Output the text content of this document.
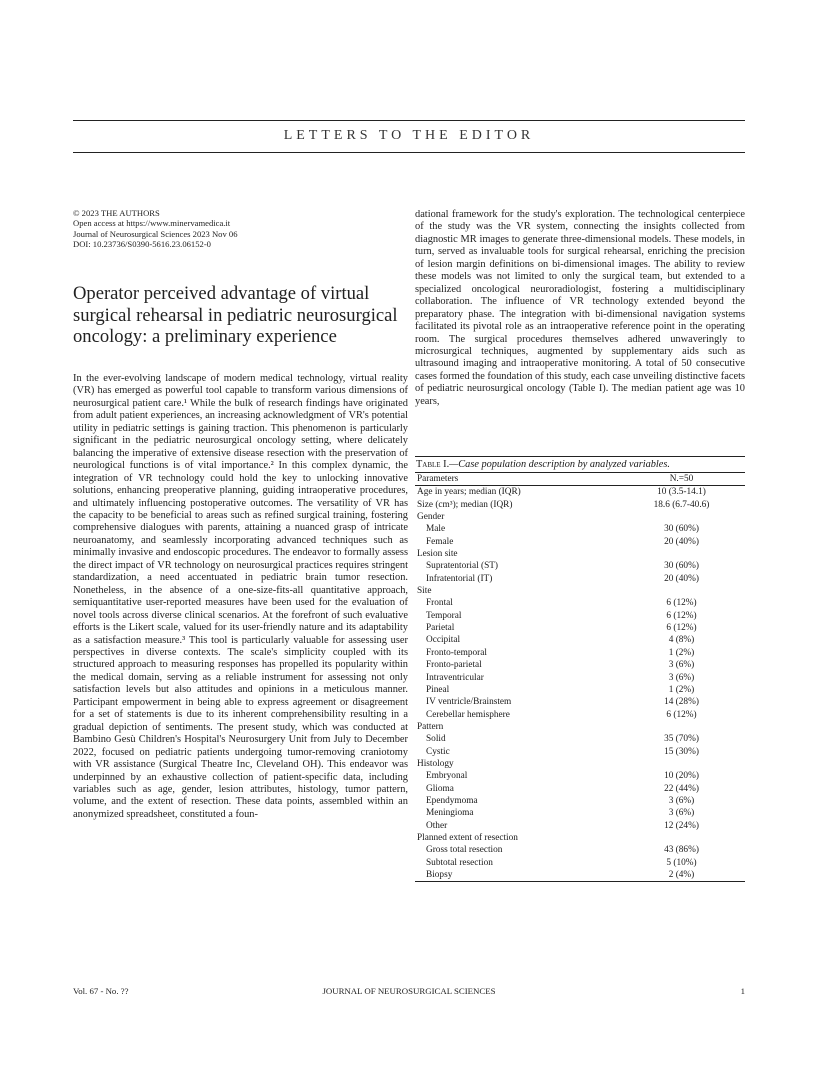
LETTERS TO THE EDITOR
© 2023 THE AUTHORS
Open access at https://www.minervamedica.it
Journal of Neurosurgical Sciences 2023 Nov 06
DOI: 10.23736/S0390-5616.23.06152-0
Operator perceived advantage of virtual surgical rehearsal in pediatric neurosurgical oncology: a preliminary experience

In the ever-evolving landscape of modern medical technology, virtual reality (VR) has emerged as powerful tool capable to transform various dimensions of neurosurgical patient care.¹ While the bulk of research findings have originated from adult patient experiences, an increasing acknowledgment of VR's potential utility in pediatric settings is gaining traction. This phenomenon is particularly significant in the pediatric neurosurgical oncology setting, where delicately balancing the imperative of extensive disease resection with the preservation of neurological functions is of vital importance.² In this complex dynamic, the integration of VR technology could hold the key to unlocking innovative solutions, enhancing preoperative planning, guiding intraoperative procedures, and ultimately influencing postoperative outcomes. The versatility of VR has the capacity to be beneficial to areas such as refined surgical training, fostering comprehensive dialogues with parents, attaining a nuanced grasp of intricate neuroanatomy, and seamlessly incorporating advanced techniques such as minimally invasive and endoscopic procedures. The endeavor to formally assess the direct impact of VR technology on neurosurgical practices requires stringent standardization, a need accentuated in pediatric brain tumor resection. Nonetheless, in the absence of a one-size-fits-all quantitative approach, semiquantitative user-reported measures have been used for the evaluation of novel tools across diverse clinical scenarios. At the forefront of such evaluative efforts is the Likert scale, valued for its user-friendly nature and its adaptability as a satisfaction measure.³ This tool is particularly valuable for assessing user perspectives in diverse contexts. The scale's simplicity coupled with its structured approach to measuring responses has propelled its popularity within the medical domain, serving as a reliable instrument for assessing not only satisfaction levels but also attitudes and opinions in a meticulous manner. Participant empowerment in being able to express agreement or disagreement for a set of statements is due to its inherent comprehensibility resulting in a gradual depiction of sentiments. The present study, which was conducted at Bambino Gesù Children's Hospital's Neurosurgery Unit from July to December 2022, focused on pediatric patients undergoing tumor-removing craniotomy with VR assistance (Surgical Theatre Inc, Cleveland OH). This endeavor was underpinned by an exhaustive collection of patient-specific data, including variables such as age, gender, lesion attributes, histology, tumor pattern, volume, and the extent of resection. These data points, assembled within an anonymized spreadsheet, constituted a foun-

dational framework for the study's exploration. The technological centerpiece of the study was the VR system, connecting the insights collected from diagnostic MR images to generate three-dimensional models. These models, in turn, served as invaluable tools for surgical rehearsal, enriching the precision of lesion margin definitions on bi-dimensional images. The ability to review these models was not limited to only the surgical team, but extended to a specialized oncological neuroradiologist, fostering a multidisciplinary collaboration. The influence of VR technology extended beyond the preparatory phase. The integration with bi-dimensional navigation systems facilitated its pivotal role as an intraoperative reference point in the operating room. The surgical procedures themselves adhered unwaveringly to microsurgical techniques, augmented by supplementary aids such as ultrasound imaging and intraoperative monitoring. A total of 50 consecutive cases formed the foundation of this study, each case unveiling distinctive facets of pediatric neurosurgical oncology (Table I). The median patient age was 10 years,

Table I.—Case population description by analyzed variables.
Parameters	N.=50
Age in years; median (IQR)	10 (3.5-14.1)
Size (cm³); median (IQR)	18.6 (6.7-40.6)
Gender	
Male	30 (60%)
Female	20 (40%)
Lesion site	
Supratentorial (ST)	30 (60%)
Infratentorial (IT)	20 (40%)
Site	
Frontal	6 (12%)
Temporal	6 (12%)
Parietal	6 (12%)
Occipital	4 (8%)
Fronto-temporal	1 (2%)
Fronto-parietal	3 (6%)
Intraventricular	3 (6%)
Pineal	1 (2%)
IV ventricle/Brainstem	14 (28%)
Cerebellar hemisphere	6 (12%)
Pattern	
Solid	35 (70%)
Cystic	15 (30%)
Histology	
Embryonal	10 (20%)
Glioma	22 (44%)
Ependymoma	3 (6%)
Meningioma	3 (6%)
Other	12 (24%)
Planned extent of resection	
Gross total resection	43 (86%)
Subtotal resection	5 (10%)
Biopsy	2 (4%)
Vol. 67 - No. ??	JOURNAL OF NEUROSURGICAL SCIENCES	1
